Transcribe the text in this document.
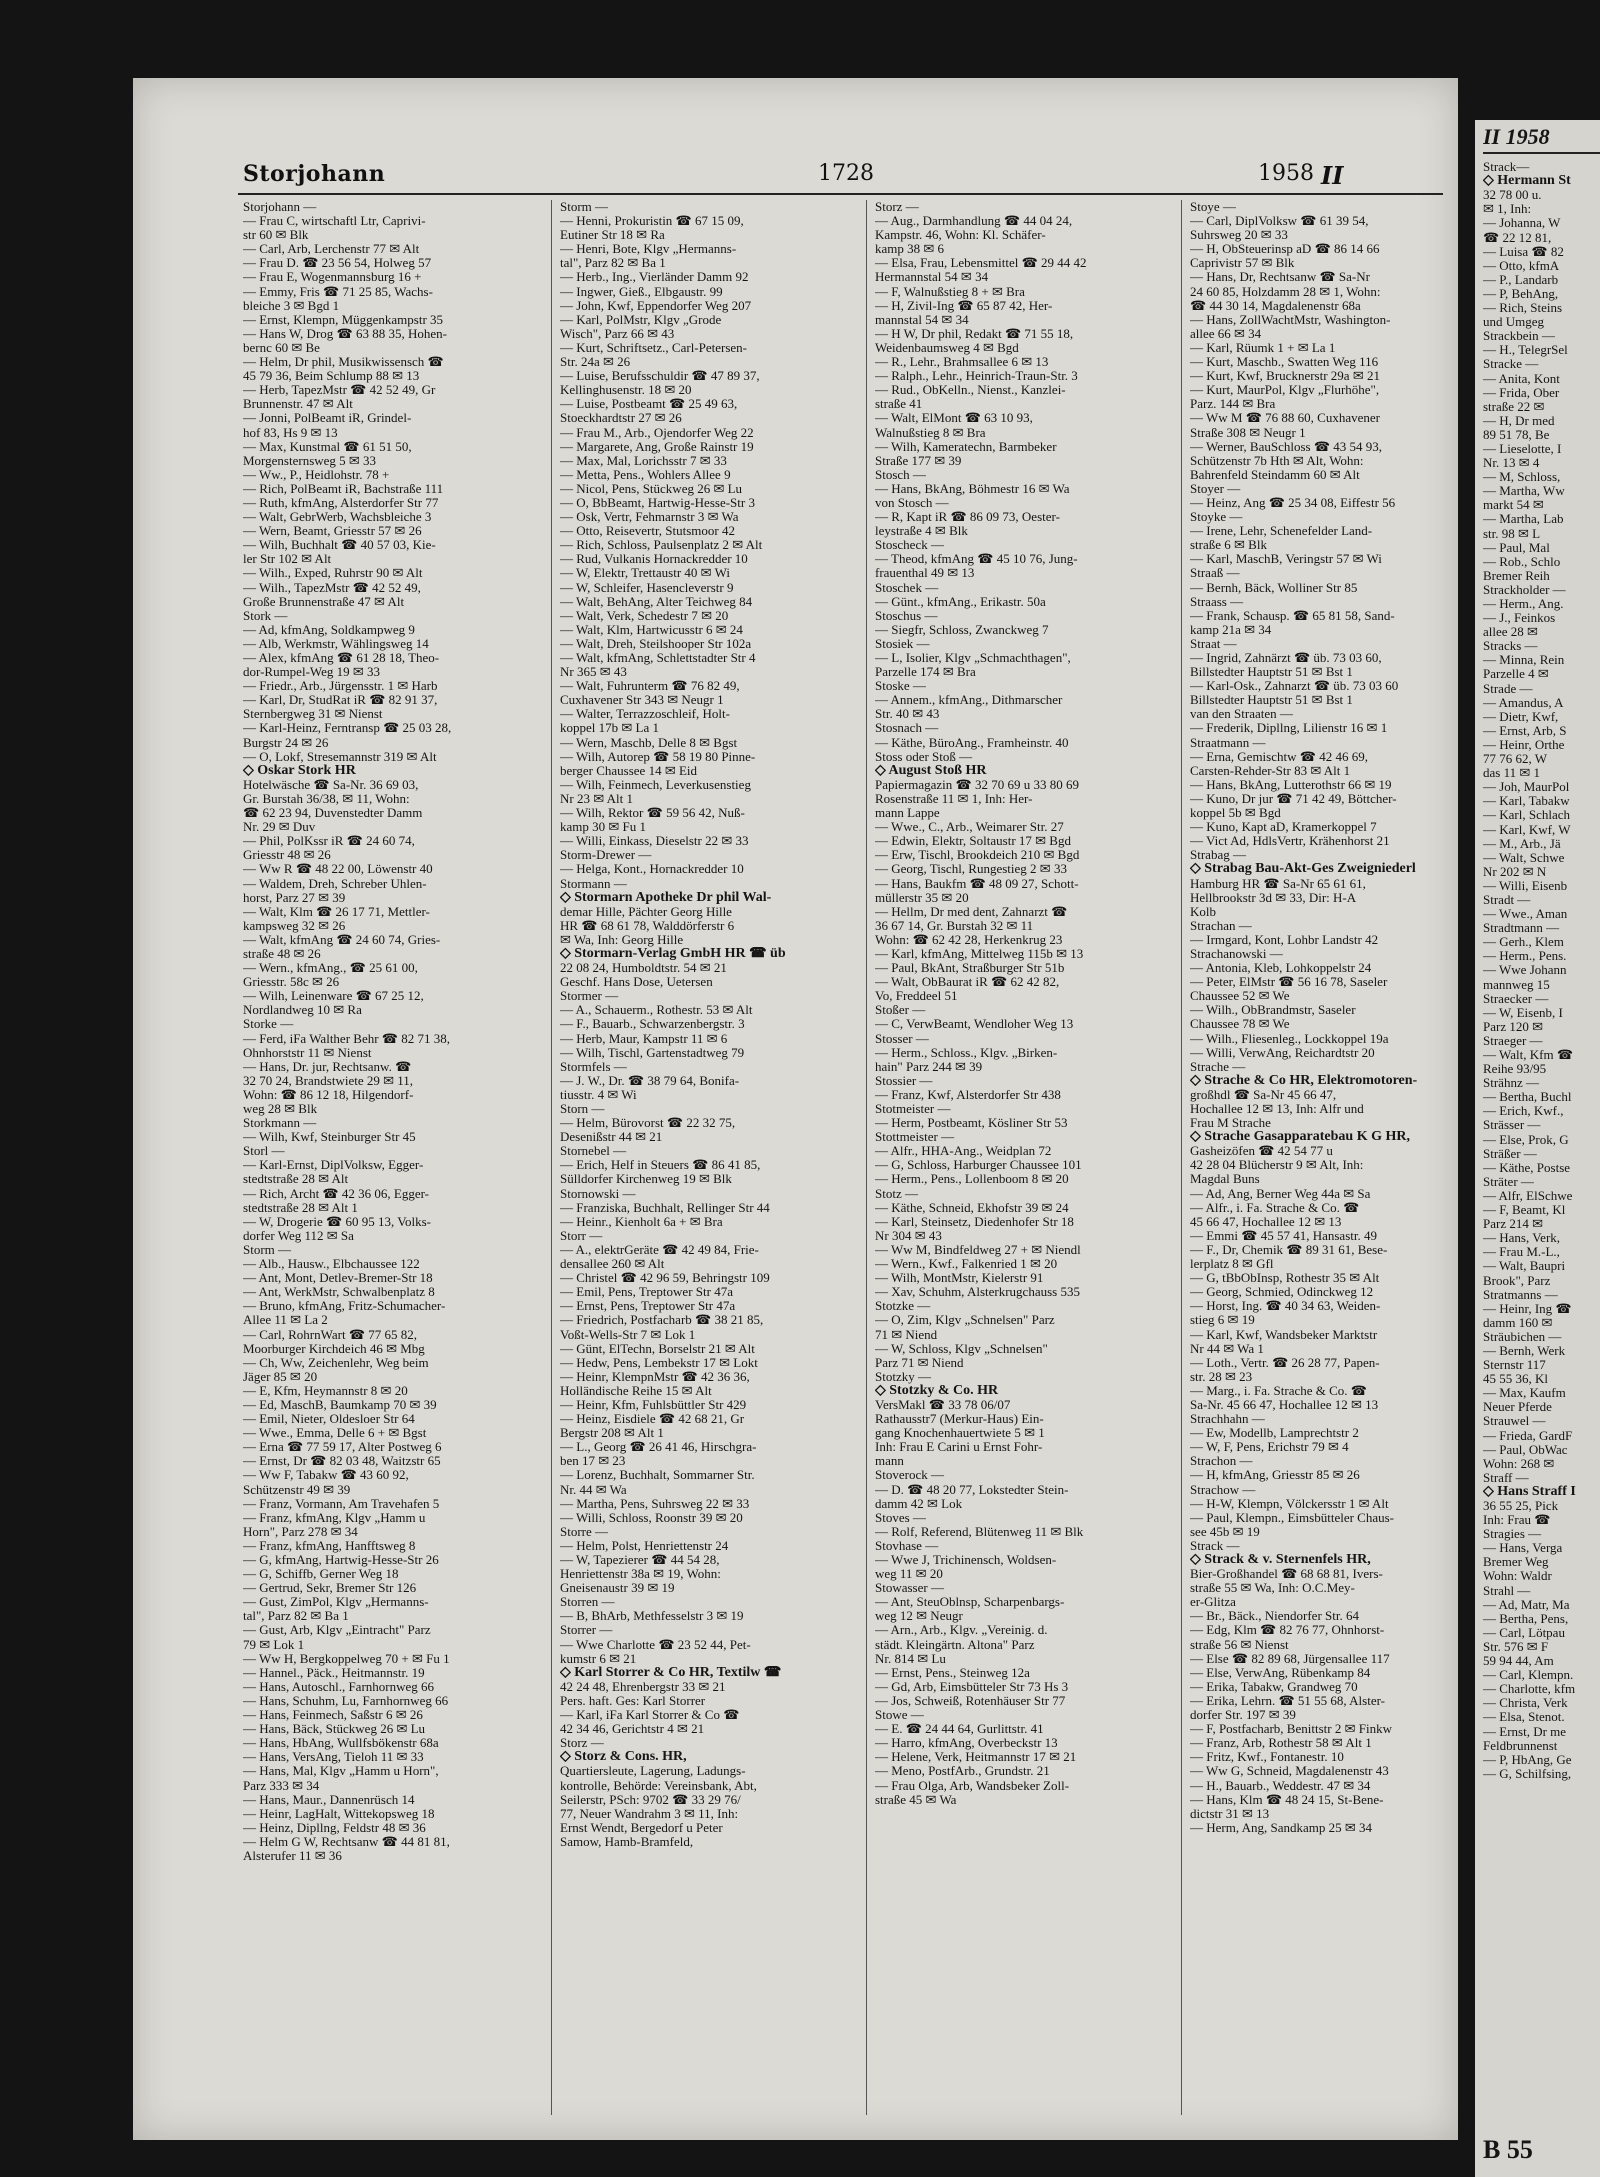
Storjohann	1728	1958 II
Storjohann —
— Frau C, wirtschaftl Ltr, Caprivi-
str 60 ✉ Blk
— Carl, Arb, Lerchenstr 77 ✉ Alt
— Frau D. ☎ 23 56 54, Holweg 57
— Frau E, Wogenmannsburg 16 +
— Emmy, Fris ☎ 71 25 85, Wachs-
bleiche 3 ✉ Bgd 1
— Ernst, Klempn, Müggenkampstr 35
— Hans W, Drog ☎ 63 88 35, Hohen-
bernc 60 ✉ Be
— Helm, Dr phil, Musikwissensch ☎
45 79 36, Beim Schlump 88 ✉ 13
— Herb, TapezMstr ☎ 42 52 49, Gr
Brunnenstr. 47 ✉ Alt
— Jonni, PolBeamt iR, Grindel-
hof 83, Hs 9 ✉ 13
— Max, Kunstmal ☎ 61 51 50,
Morgensternsweg 5 ✉ 33
— Ww., P., Heidlohstr. 78 +
— Rich, PolBeamt iR, Bachstraße 111
— Ruth, kfmAng, Alsterdorfer Str 77
— Walt, GebrWerb, Wachsbleiche 3
— Wern, Beamt, Griesstr 57 ✉ 26
— Wilh, Buchhalt ☎ 40 57 03, Kie-
ler Str 102 ✉ Alt
— Wilh., Exped, Ruhrstr 90 ✉ Alt
— Wilh., TapezMstr ☎ 42 52 49,
Große Brunnenstraße 47 ✉ Alt
Stork —
— Ad, kfmAng, Soldkampweg 9
— Alb, Werkmstr, Wählingsweg 14
— Alex, kfmAng ☎ 61 28 18, Theo-
dor-Rumpel-Weg 19 ✉ 33
— Friedr., Arb., Jürgensstr. 1 ✉ Harb
— Karl, Dr, StudRat iR ☎ 82 91 37,
Sternbergweg 31 ✉ Nienst
— Karl-Heinz, Ferntransp ☎ 25 03 28,
Burgstr 24 ✉ 26
— O, Lokf, Stresemannstr 319 ✉ Alt
◇ Oskar Stork HR
Hotelwäsche ☎ Sa-Nr. 36 69 03,
Gr. Burstah 36/38, ✉ 11, Wohn:
☎ 62 23 94, Duvenstedter Damm
Nr. 29 ✉ Duv
— Phil, PolKssr iR ☎ 24 60 74,
Griesstr 48 ✉ 26
— Ww R ☎ 48 22 00, Löwenstr 40
— Waldem, Dreh, Schreber Uhlen-
horst, Parz 27 ✉ 39
— Walt, Klm ☎ 26 17 71, Mettler-
kampsweg 32 ✉ 26
— Walt, kfmAng ☎ 24 60 74, Gries-
straße 48 ✉ 26
— Wern., kfmAng., ☎ 25 61 00,
Griesstr. 58c ✉ 26
— Wilh, Leinenware ☎ 67 25 12,
Nordlandweg 10 ✉ Ra
Storke —
— Ferd, iFa Walther Behr ☎ 82 71 38,
Ohnhorststr 11 ✉ Nienst
— Hans, Dr. jur, Rechtsanw. ☎
32 70 24, Brandstwiete 29 ✉ 11,
Wohn: ☎ 86 12 18, Hilgendorf-
weg 28 ✉ Blk
Storkmann —
— Wilh, Kwf, Steinburger Str 45
Storl —
— Karl-Ernst, DiplVolksw, Egger-
stedtstraße 28 ✉ Alt
— Rich, Archt ☎ 42 36 06, Egger-
stedtstraße 28 ✉ Alt 1
— W, Drogerie ☎ 60 95 13, Volks-
dorfer Weg 112 ✉ Sa
Storm —
— Alb., Hausw., Elbchaussee 122
— Ant, Mont, Detlev-Bremer-Str 18
— Ant, WerkMstr, Schwalbenplatz 8
— Bruno, kfmAng, Fritz-Schumacher-
Allee 11 ✉ La 2
— Carl, RohrnWart ☎ 77 65 82,
Moorburger Kirchdeich 46 ✉ Mbg
— Ch, Ww, Zeichenlehr, Weg beim
Jäger 85 ✉ 20
— E, Kfm, Heymannstr 8 ✉ 20
— Ed, MaschB, Baumkamp 70 ✉ 39
— Emil, Nieter, Oldesloer Str 64
— Wwe., Emma, Delle 6 + ✉ Bgst
— Erna ☎ 77 59 17, Alter Postweg 6
— Ernst, Dr ☎ 82 03 48, Waitzstr 65
— Ww F, Tabakw ☎ 43 60 92,
Schützenstr 49 ✉ 39
— Franz, Vormann, Am Travehafen 5
— Franz, kfmAng, Klgv „Hamm u
Horn", Parz 278 ✉ 34
— Franz, kfmAng, Hanfftsweg 8
— G, kfmAng, Hartwig-Hesse-Str 26
— G, Schiffb, Gerner Weg 18
— Gertrud, Sekr, Bremer Str 126
— Gust, ZimPol, Klgv „Hermanns-
tal", Parz 82 ✉ Ba 1
— Gust, Arb, Klgv „Eintracht" Parz
79 ✉ Lok 1
— Ww H, Bergkoppelweg 70 + ✉ Fu 1
— Hannel., Päck., Heitmannstr. 19
— Hans, Autoschl., Farnhornweg 66
— Hans, Schuhm, Lu, Farnhornweg 66
— Hans, Feinmech, Saßstr 6 ✉ 26
— Hans, Bäck, Stückweg 26 ✉ Lu
— Hans, HbAng, Wullfsbökenstr 68a
— Hans, VersAng, Tieloh 11 ✉ 33
— Hans, Mal, Klgv „Hamm u Horn",
Parz 333 ✉ 34
— Hans, Maur., Dannenrüsch 14
— Heinr, LagHalt, Wittekopsweg 18
— Heinz, Dipllng, Feldstr 48 ✉ 36
— Helm G W, Rechtsanw ☎ 44 81 81,
Alsterufer 11 ✉ 36
Storm —
— Henni, Prokuristin ☎ 67 15 09,
Eutiner Str 18 ✉ Ra
— Henri, Bote, Klgv „Hermanns-
tal", Parz 82 ✉ Ba 1
— Herb., Ing., Vierländer Damm 92
— Ingwer, Gieß., Elbgaustr. 99
— John, Kwf, Eppendorfer Weg 207
— Karl, PolMstr, Klgv „Grode
Wisch", Parz 66 ✉ 43
— Kurt, Schriftsetz., Carl-Petersen-
Str. 24a ✉ 26
— Luise, Berufsschuldir ☎ 47 89 37,
Kellinghusenstr. 18 ✉ 20
— Luise, Postbeamt ☎ 25 49 63,
Stoeckhardtstr 27 ✉ 26
— Frau M., Arb., Ojendorfer Weg 22
— Margarete, Ang, Große Rainstr 19
— Max, Mal, Lorichsstr 7 ✉ 33
— Metta, Pens., Wohlers Allee 9
— Nicol, Pens, Stückweg 26 ✉ Lu
— O, BbBeamt, Hartwig-Hesse-Str 3
— Osk, Vertr, Fehmarnstr 3 ✉ Wa
— Otto, Reisevertr, Stutsmoor 42
— Rich, Schloss, Paulsenplatz 2 ✉ Alt
— Rud, Vulkanis Hornackredder 10
— W, Elektr, Trettaustr 40 ✉ Wi
— W, Schleifer, Hasencleverstr 9
— Walt, BehAng, Alter Teichweg 84
— Walt, Verk, Schedestr 7 ✉ 20
— Walt, Klm, Hartwicusstr 6 ✉ 24
— Walt, Dreh, Steilshooper Str 102a
— Walt, kfmAng, Schlettstadter Str 4
Nr 365 ✉ 43
— Walt, Fuhrunterm ☎ 76 82 49,
Cuxhavener Str 343 ✉ Neugr 1
— Walter, Terrazzoschleif, Holt-
koppel 17b ✉ La 1
— Wern, Maschb, Delle 8 ✉ Bgst
— Wilh, Autorep ☎ 58 19 80 Pinne-
berger Chaussee 14 ✉ Eid
— Wilh, Feinmech, Leverkusenstieg
Nr 23 ✉ Alt 1
— Wilh, Rektor ☎ 59 56 42, Nuß-
kamp 30 ✉ Fu 1
— Willi, Einkass, Dieselstr 22 ✉ 33
Storm-Drewer —
— Helga, Kont., Hornackredder 10
Stormann —
◇ Stormarn Apotheke Dr phil Wal-
demar Hille, Pächter Georg Hille
HR ☎ 68 61 78, Walddörferstr 6
✉ Wa, Inh: Georg Hille
◇ Stormarn-Verlag GmbH HR ☎ üb
22 08 24, Humboldtstr. 54 ✉ 21
Geschf. Hans Dose, Uetersen
Stormer —
— A., Schauerm., Rothestr. 53 ✉ Alt
— F., Bauarb., Schwarzenbergstr. 3
— Herb, Maur, Kampstr 11 ✉ 6
— Wilh, Tischl, Gartenstadtweg 79
Stormfels —
— J. W., Dr. ☎ 38 79 64, Bonifa-
tiusstr. 4 ✉ Wi
Storn —
— Helm, Bürovorst ☎ 22 32 75,
Desenißstr 44 ✉ 21
Stornebel —
— Erich, Helf in Steuers ☎ 86 41 85,
Sülldorfer Kirchenweg 19 ✉ Blk
Stornowski —
— Franziska, Buchhalt, Rellinger Str 44
— Heinr., Kienholt 6a + ✉ Bra
Storr —
— A., elektrGeräte ☎ 42 49 84, Frie-
densallee 260 ✉ Alt
— Christel ☎ 42 96 59, Behringstr 109
— Emil, Pens, Treptower Str 47a
— Ernst, Pens, Treptower Str 47a
— Friedrich, Postfacharb ☎ 38 21 85,
Voßt-Wells-Str 7 ✉ Lok 1
— Günt, ElTechn, Borselstr 21 ✉ Alt
— Hedw, Pens, Lembekstr 17 ✉ Lokt
— Heinr, KlempnMstr ☎ 42 36 36,
Holländische Reihe 15 ✉ Alt
— Heinr, Kfm, Fuhlsbüttler Str 429
— Heinz, Eisdiele ☎ 42 68 21, Gr
Bergstr 208 ✉ Alt 1
— L., Georg ☎ 26 41 46, Hirschgra-
ben 17 ✉ 23
— Lorenz, Buchhalt, Sommarner Str.
Nr. 44 ✉ Wa
— Martha, Pens, Suhrsweg 22 ✉ 33
— Willi, Schloss, Roonstr 39 ✉ 20
Storre —
— Helm, Polst, Henriettenstr 24
— W, Tapezierer ☎ 44 54 28,
Henriettenstr 38a ✉ 19, Wohn:
Gneisenaustr 39 ✉ 19
Storren —
— B, BhArb, Methfesselstr 3 ✉ 19
Storrer —
— Wwe Charlotte ☎ 23 52 44, Pet-
kumstr 6 ✉ 21
◇ Karl Storrer & Co HR, Textilw ☎
42 24 48, Ehrenbergstr 33 ✉ 21
Pers. haft. Ges: Karl Storrer
— Karl, iFa Karl Storrer & Co ☎
42 34 46, Gerichtstr 4 ✉ 21
Storz —
◇ Storz & Cons. HR,
Quartiersleute, Lagerung, Ladungs-
kontrolle, Behörde: Vereinsbank, Abt,
Seilerstr, PSch: 9702 ☎ 33 29 76/
77, Neuer Wandrahm 3 ✉ 11, Inh:
Ernst Wendt, Bergedorf u Peter
Samow, Hamb-Bramfeld,
Storz —
— Aug., Darmhandlung ☎ 44 04 24,
Kampstr. 46, Wohn: Kl. Schäfer-
kamp 38 ✉ 6
— Elsa, Frau, Lebensmittel ☎ 29 44 42
Hermannstal 54 ✉ 34
— F, Walnußstieg 8 + ✉ Bra
— H, Zivil-Ing ☎ 65 87 42, Her-
mannstal 54 ✉ 34
— H W, Dr phil, Redakt ☎ 71 55 18,
Weidenbaumsweg 4 ✉ Bgd
— R., Lehr., Brahmsallee 6 ✉ 13
— Ralph., Lehr., Heinrich-Traun-Str. 3
— Rud., ObKelln., Nienst., Kanzlei-
straße 41
— Walt, ElMont ☎ 63 10 93,
Walnußstieg 8 ✉ Bra
— Wilh, Kameratechn, Barmbeker
Straße 177 ✉ 39
Stosch —
— Hans, BkAng, Böhmestr 16 ✉ Wa
von Stosch —
— R, Kapt iR ☎ 86 09 73, Oester-
leystraße 4 ✉ Blk
Stoscheck —
— Theod, kfmAng ☎ 45 10 76, Jung-
frauenthal 49 ✉ 13
Stoschek —
— Günt., kfmAng., Erikastr. 50a
Stoschus —
— Siegfr, Schloss, Zwanckweg 7
Stosiek —
— L, Isolier, Klgv „Schmachthagen",
Parzelle 174 ✉ Bra
Stoske —
— Annem., kfmAng., Dithmarscher
Str. 40 ✉ 43
Stosnach —
— Käthe, BüroAng., Framheinstr. 40
Stoss oder Stoß —
◇ August Stoß HR
Papiermagazin ☎ 32 70 69 u 33 80 69
Rosenstraße 11 ✉ 1, Inh: Her-
mann Lappe
— Wwe., C., Arb., Weimarer Str. 27
— Edwin, Elektr, Soltaustr 17 ✉ Bgd
— Erw, Tischl, Brookdeich 210 ✉ Bgd
— Georg, Tischl, Rungestieg 2 ✉ 33
— Hans, Baukfm ☎ 48 09 27, Schott-
müllerstr 35 ✉ 20
— Hellm, Dr med dent, Zahnarzt ☎
36 67 14, Gr. Burstah 32 ✉ 11
Wohn: ☎ 62 42 28, Herkenkrug 23
— Karl, kfmAng, Mittelweg 115b ✉ 13
— Paul, BkAnt, Straßburger Str 51b
— Walt, ObBaurat iR ☎ 62 42 82,
Vo, Freddeel 51
Stoßer —
— C, VerwBeamt, Wendloher Weg 13
Stosser —
— Herm., Schloss., Klgv. „Birken-
hain" Parz 244 ✉ 39
Stossier —
— Franz, Kwf, Alsterdorfer Str 438
Stotmeister —
— Herm, Postbeamt, Kösliner Str 53
Stottmeister —
— Alfr., HHA-Ang., Weidplan 72
— G, Schloss, Harburger Chaussee 101
— Herm., Pens., Lollenboom 8 ✉ 20
Stotz —
— Käthe, Schneid, Ekhofstr 39 ✉ 24
— Karl, Steinsetz, Diedenhofer Str 18
Nr 304 ✉ 43
— Ww M, Bindfeldweg 27 + ✉ Niendl
— Wern., Kwf., Falkenried 1 ✉ 20
— Wilh, MontMstr, Kielerstr 91
— Xav, Schuhm, Alsterkrugchauss 535
Stotzke —
— O, Zim, Klgv „Schnelsen" Parz
71 ✉ Niend
— W, Schloss, Klgv „Schnelsen"
Parz 71 ✉ Niend
Stotzky —
◇ Stotzky & Co. HR
VersMakl ☎ 33 78 06/07
Rathausstr7 (Merkur-Haus) Ein-
gang Knochenhauertwiete 5 ✉ 1
Inh: Frau E Carini u Ernst Fohr-
mann
Stoverock —
— D. ☎ 48 20 77, Lokstedter Stein-
damm 42 ✉ Lok
Stoves —
— Rolf, Referend, Blütenweg 11 ✉ Blk
Stovhase —
— Wwe J, Trichinensch, Woldsen-
weg 11 ✉ 20
Stowasser —
— Ant, SteuOblnsp, Scharpenbargs-
weg 12 ✉ Neugr
— Arn., Arb., Klgv. „Vereinig. d.
städt. Kleingärtn. Altona" Parz
Nr. 814 ✉ Lu
— Ernst, Pens., Steinweg 12a
— Gd, Arb, Eimsbütteler Str 73 Hs 3
— Jos, Schweiß, Rotenhäuser Str 77
Stowe —
— E. ☎ 24 44 64, Gurlittstr. 41
— Harro, kfmAng, Overbeckstr 13
— Helene, Verk, Heitmannstr 17 ✉ 21
— Meno, PostfArb., Grundstr. 21
— Frau Olga, Arb, Wandsbeker Zoll-
straße 45 ✉ Wa
Stoye —
— Carl, DiplVolksw ☎ 61 39 54,
Suhrsweg 20 ✉ 33
— H, ObSteuerinsp aD ☎ 86 14 66
Caprivistr 57 ✉ Blk
— Hans, Dr, Rechtsanw ☎ Sa-Nr
24 60 85, Holzdamm 28 ✉ 1, Wohn:
☎ 44 30 14, Magdalenenstr 68a
— Hans, ZollWachtMstr, Washington-
allee 66 ✉ 34
— Karl, Rüumk 1 + ✉ La 1
— Kurt, Maschb., Swatten Weg 116
— Kurt, Kwf, Brucknerstr 29a ✉ 21
— Kurt, MaurPol, Klgv „Flurhöhe",
Parz. 144 ✉ Bra
— Ww M ☎ 76 88 60, Cuxhavener
Straße 308 ✉ Neugr 1
— Werner, BauSchloss ☎ 43 54 93,
Schützenstr 7b Hth ✉ Alt, Wohn:
Bahrenfeld Steindamm 60 ✉ Alt
Stoyer —
— Heinz, Ang ☎ 25 34 08, Eiffestr 56
Stoyke —
— Irene, Lehr, Schenefelder Land-
straße 6 ✉ Blk
— Karl, MaschB, Veringstr 57 ✉ Wi
Straaß —
— Bernh, Bäck, Wolliner Str 85
Straass —
— Frank, Schausp. ☎ 65 81 58, Sand-
kamp 21a ✉ 34
Straat —
— Ingrid, Zahnärzt ☎ üb. 73 03 60,
Billstedter Hauptstr 51 ✉ Bst 1
— Karl-Osk., Zahnarzt ☎ üb. 73 03 60
Billstedter Hauptstr 51 ✉ Bst 1
van den Straaten —
— Frederik, Dipllng, Lilienstr 16 ✉ 1
Straatmann —
— Erna, Gemischtw ☎ 42 46 69,
Carsten-Rehder-Str 83 ✉ Alt 1
— Hans, BkAng, Lutterothstr 66 ✉ 19
— Kuno, Dr jur ☎ 71 42 49, Böttcher-
koppel 5b ✉ Bgd
— Kuno, Kapt aD, Kramerkoppel 7
— Vict Ad, HdlsVertr, Krähenhorst 21
Strabag —
◇ Strabag Bau-Akt-Ges Zweigniederl
Hamburg HR ☎ Sa-Nr 65 61 61,
Hellbrookstr 3d ✉ 33, Dir: H-A
Kolb
Strachan —
— Irmgard, Kont, Lohbr Landstr 42
Strachanowski —
— Antonia, Kleb, Lohkoppelstr 24
— Peter, ElMstr ☎ 56 16 78, Saseler
Chaussee 52 ✉ We
— Wilh., ObBrandmstr, Saseler
Chaussee 78 ✉ We
— Wilh., Fliesenleg., Lockkoppel 19a
— Willi, VerwAng, Reichardtstr 20
Strache —
◇ Strache & Co HR, Elektromotoren-
großhdl ☎ Sa-Nr 45 66 47,
Hochallee 12 ✉ 13, Inh: Alfr und
Frau M Strache
◇ Strache Gasapparatebau K G HR,
Gasheizöfen ☎ 42 54 77 u
42 28 04 Blücherstr 9 ✉ Alt, Inh:
Magdal Buns
— Ad, Ang, Berner Weg 44a ✉ Sa
— Alfr., i. Fa. Strache & Co. ☎
45 66 47, Hochallee 12 ✉ 13
— Emmi ☎ 45 57 41, Hansastr. 49
— F., Dr, Chemik ☎ 89 31 61, Bese-
lerplatz 8 ✉ Gfl
— G, tBbObInsp, Rothestr 35 ✉ Alt
— Georg, Schmied, Odinckweg 12
— Horst, Ing. ☎ 40 34 63, Weiden-
stieg 6 ✉ 19
— Karl, Kwf, Wandsbeker Marktstr
Nr 44 ✉ Wa 1
— Loth., Vertr. ☎ 26 28 77, Papen-
str. 28 ✉ 23
— Marg., i. Fa. Strache & Co. ☎
Sa-Nr. 45 66 47, Hochallee 12 ✉ 13
Strachhahn —
— Ew, Modellb, Lamprechtstr 2
— W, F, Pens, Erichstr 79 ✉ 4
Strachon —
— H, kfmAng, Griesstr 85 ✉ 26
Strachow —
— H-W, Klempn, Völckersstr 1 ✉ Alt
— Paul, Klempn., Eimsbütteler Chaus-
see 45b ✉ 19
Strack —
◇ Strack & v. Sternenfels HR,
Bier-Großhandel ☎ 68 68 81, Ivers-
straße 55 ✉ Wa, Inh: O.C.Mey-
er-Glitza
— Br., Bäck., Niendorfer Str. 64
— Edg, Klm ☎ 82 76 77, Ohnhorst-
straße 56 ✉ Nienst
— Else ☎ 82 89 68, Jürgensallee 117
— Else, VerwAng, Rübenkamp 84
— Erika, Tabakw, Grandweg 70
— Erika, Lehrn. ☎ 51 55 68, Alster-
dorfer Str. 197 ✉ 39
— F, Postfacharb, Benittstr 2 ✉ Finkw
— Franz, Arb, Rothestr 58 ✉ Alt 1
— Fritz, Kwf., Fontanestr. 10
— Ww G, Schneid, Magdalenenstr 43
— H., Bauarb., Weddestr. 47 ✉ 34
— Hans, Klm ☎ 48 24 15, St-Bene-
dictstr 31 ✉ 13
— Herm, Ang, Sandkamp 25 ✉ 34
II 1958
Strack—
◇ Hermann St
32 78 00 u.
✉ 1, Inh:
— Johanna, W
☎ 22 12 81,
— Luisa ☎ 82
— Otto, kfmA
— P., Landarb
— P, BehAng,
— Rich, Steins
und Umgeg
Strackbein —
— H., TelegrSel
Stracke —
— Anita, Kont
— Frida, Ober
straße 22 ✉
— H, Dr med
89 51 78, Be
— Lieselotte, I
Nr. 13 ✉ 4
— M, Schloss,
— Martha, Ww
markt 54 ✉
— Martha, Lab
str. 98 ✉ L
— Paul, Mal
— Rob., Schlo
Bremer Reih
Strackholder —
— Herm., Ang.
— J., Feinkos
allee 28 ✉
Stracks —
— Minna, Rein
Parzelle 4 ✉
Strade —
— Amandus, A
— Dietr, Kwf,
— Ernst, Arb, S
— Heinr, Orthe
77 76 62, W
das 11 ✉ 1
— Joh, MaurPol
— Karl, Tabakw
— Karl, Schlach
— Karl, Kwf, W
— M., Arb., Jä
— Walt, Schwe
Nr 202 ✉ N
— Willi, Eisenb
Stradt —
— Wwe., Aman
Stradtmann —
— Gerh., Klem
— Herm., Pens.
— Wwe Johann
mannweg 15
Straecker —
— W, Eisenb, I
Parz 120 ✉
Straeger —
— Walt, Kfm ☎
Reihe 93/95
Strähnz —
— Bertha, Buchl
— Erich, Kwf.,
Strässer —
— Else, Prok, G
Sträßer —
— Käthe, Postse
Sträter —
— Alfr, ElSchwe
— F, Beamt, Kl
Parz 214 ✉
— Hans, Verk,
— Frau M.-L.,
— Walt, Baupri
Brook", Parz
Stratmanns —
— Heinr, Ing ☎
damm 160 ✉
Sträubichen —
— Bernh, Werk
Sternstr 117
45 55 36, Kl
— Max, Kaufm
Neuer Pferde
Strauwel —
— Frieda, GardF
— Paul, ObWac
Wohn: 268 ✉
Straff —
◇ Hans Straff I
36 55 25, Pick
Inh: Frau ☎
Stragies —
— Hans, Verga
Bremer Weg
Wohn: Waldr
Strahl —
— Ad, Matr, Ma
— Bertha, Pens,
— Carl, Lötpau
Str. 576 ✉ F
59 94 44, Am
— Carl, Klempn.
— Charlotte, kfm
— Christa, Verk
— Elsa, Stenot.
— Ernst, Dr me
Feldbrunnenst
— P, HbAng, Ge
— G, Schilfsing,
B 55
